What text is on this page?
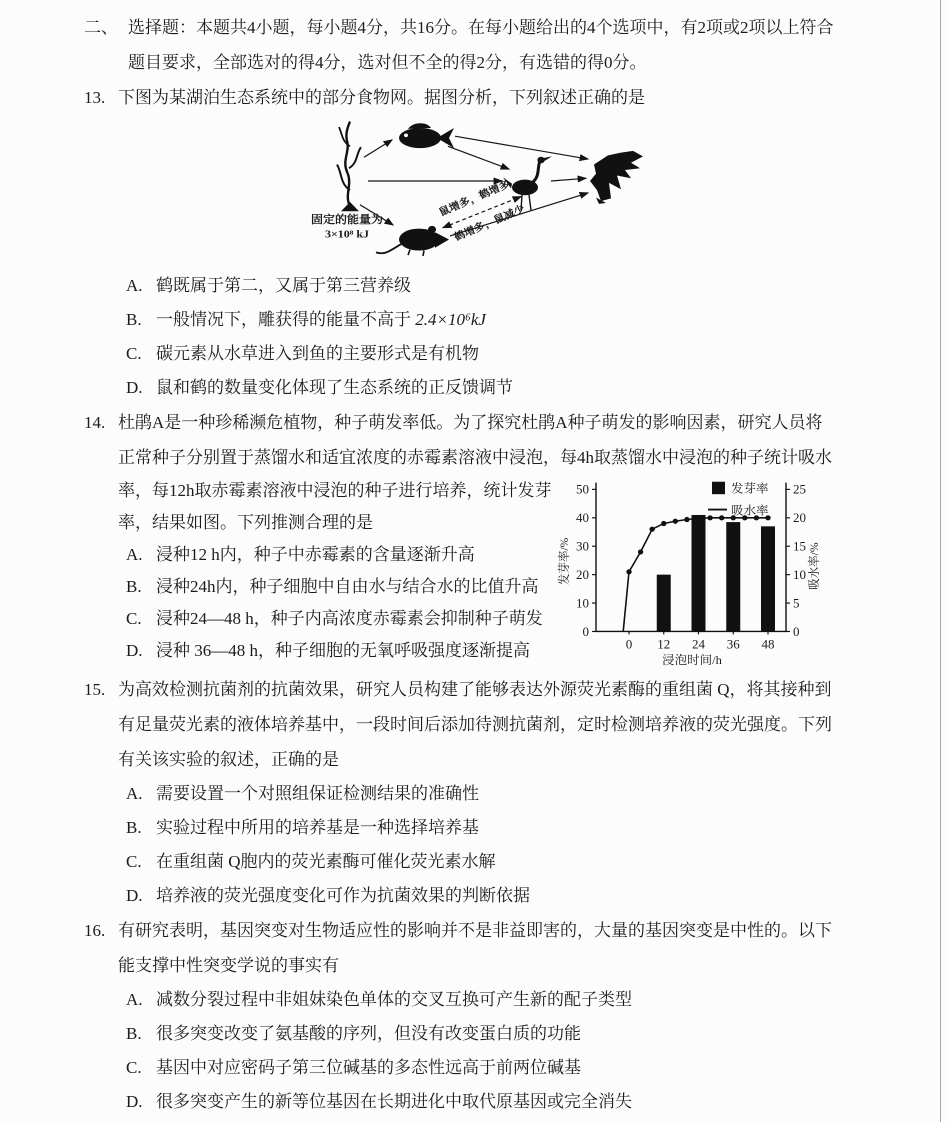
二、 选择题：本题共4小题，每小题4分，共16分。在每小题给出的4个选项中，有2项或2项以上符合
题目要求，全部选对的得4分，选对但不全的得2分，有选错的得0分。
13. 下图为某湖泊生态系统中的部分食物网。据图分析，下列叙述正确的是
固定的能量为
3×10⁸ kJ
鼠增多，鹤增多
鹤增多，鼠减少
A. 鹤既属于第二，又属于第三营养级
B. 一般情况下，雕获得的能量不高于 2.4×10⁶kJ
C. 碳元素从水草进入到鱼的主要形式是有机物
D. 鼠和鹤的数量变化体现了生态系统的正反馈调节
14. 杜鹃A是一种珍稀濒危植物，种子萌发率低。为了探究杜鹃A种子萌发的影响因素，研究人员将
正常种子分别置于蒸馏水和适宜浓度的赤霉素溶液中浸泡，每4h取蒸馏水中浸泡的种子统计吸水
率，每12h取赤霉素溶液中浸泡的种子进行培养，统计发芽
率，结果如图。下列推测合理的是
A. 浸种12 h内，种子中赤霉素的含量逐渐升高
B. 浸种24h内，种子细胞中自由水与结合水的比值升高
C. 浸种24—48 h，种子内高浓度赤霉素会抑制种子萌发
D. 浸种 36—48 h，种子细胞的无氧呼吸强度逐渐提高
0
10
20
30
40
50
0
5
10
15
20
25
0 12 24 36 48
浸泡时间/h
发芽率/%	吸水率/%
发芽率
吸水率
15. 为高效检测抗菌剂的抗菌效果，研究人员构建了能够表达外源荧光素酶的重组菌 Q，将其接种到
有足量荧光素的液体培养基中，一段时间后添加待测抗菌剂，定时检测培养液的荧光强度。下列
有关该实验的叙述，正确的是
A. 需要设置一个对照组保证检测结果的准确性
B. 实验过程中所用的培养基是一种选择培养基
C. 在重组菌 Q胞内的荧光素酶可催化荧光素水解
D. 培养液的荧光强度变化可作为抗菌效果的判断依据
16. 有研究表明，基因突变对生物适应性的影响并不是非益即害的，大量的基因突变是中性的。以下
能支撑中性突变学说的事实有
A. 减数分裂过程中非姐妹染色单体的交叉互换可产生新的配子类型
B. 很多突变改变了氨基酸的序列，但没有改变蛋白质的功能
C. 基因中对应密码子第三位碱基的多态性远高于前两位碱基
D. 很多突变产生的新等位基因在长期进化中取代原基因或完全消失
